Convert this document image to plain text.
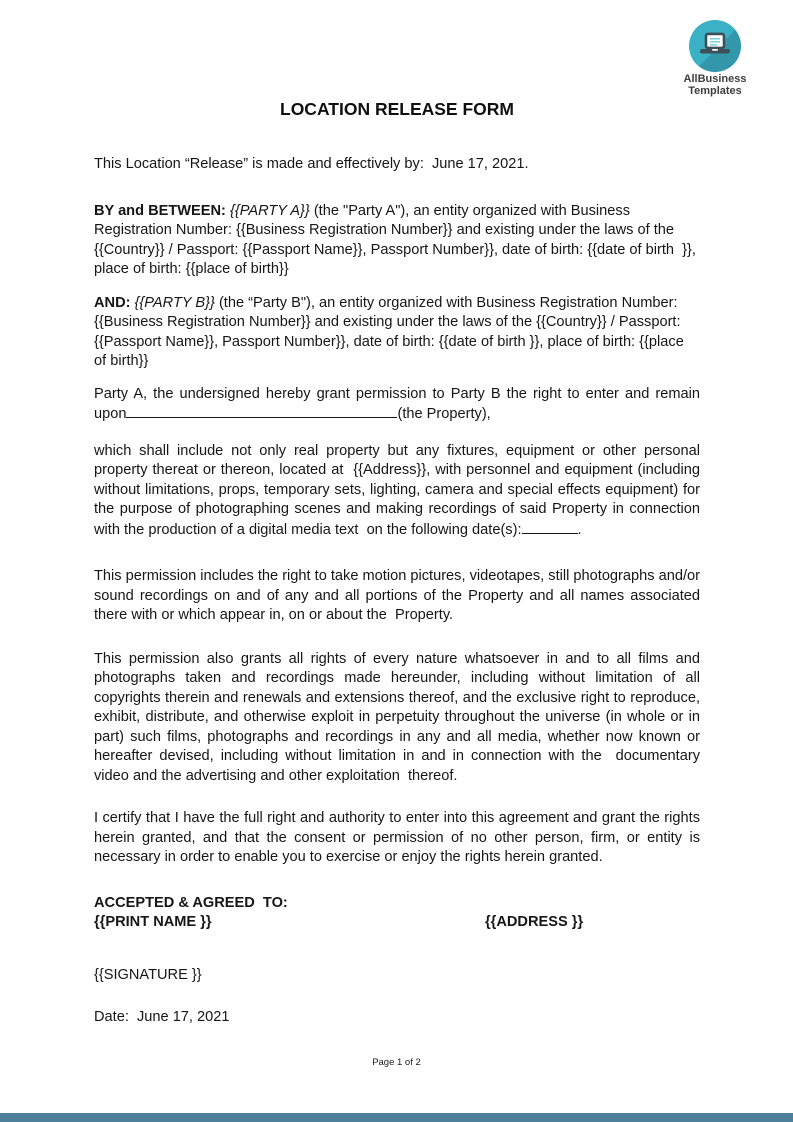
AllBusiness
Templates
LOCATION RELEASE FORM

This Location “Release” is made and effectively by:  June 17, 2021.

BY and BETWEEN: {{PARTY A}} (the "Party A"), an entity organized with Business Registration Number: {{Business Registration Number}} and existing under the laws of the {{Country}} / Passport: {{Passport Name}}, Passport Number}}, date of birth: {{date of birth  }}, place of birth: {{place of birth}}

AND: {{PARTY B}} (the “Party B"), an entity organized with Business Registration Number: {{Business Registration Number}} and existing under the laws of the {{Country}} / Passport: {{Passport Name}}, Passport Number}}, date of birth: {{date of birth }}, place of birth: {{place of birth}}

Party A, the undersigned hereby grant permission to Party B the right to enter and remain
upon	(the Property),

which shall include not only real property but any fixtures, equipment or other personal property thereat or thereon, located at  {{Address}}, with personnel and equipment (including without limitations, props, temporary sets, lighting, camera and special effects equipment) for the purpose of photographing scenes and making recordings of said Property in connection with the production of a digital media text  on the following date(s):	.

This permission includes the right to take motion pictures, videotapes, still photographs and/or sound recordings on and of any and all portions of the Property and all names associated there with or which appear in, on or about the  Property.

This permission also grants all rights of every nature whatsoever in and to all films and photographs taken and recordings made hereunder, including without limitation of all copyrights therein and renewals and extensions thereof, and the exclusive right to reproduce, exhibit, distribute, and otherwise exploit in perpetuity throughout the universe (in whole or in part) such films, photographs and recordings in any and all media, whether now known or hereafter devised, including without limitation in and in connection with the  documentary video and the advertising and other exploitation  thereof.

I certify that I have the full right and authority to enter into this agreement and grant the rights herein granted, and that the consent or permission of no other person, firm, or entity is necessary in order to enable you to exercise or enjoy the rights herein granted.

ACCEPTED & AGREED  TO:

{{PRINT NAME }}	{{ADDRESS }}

{{SIGNATURE }}

Date:  June 17, 2021

Page 1 of 2
